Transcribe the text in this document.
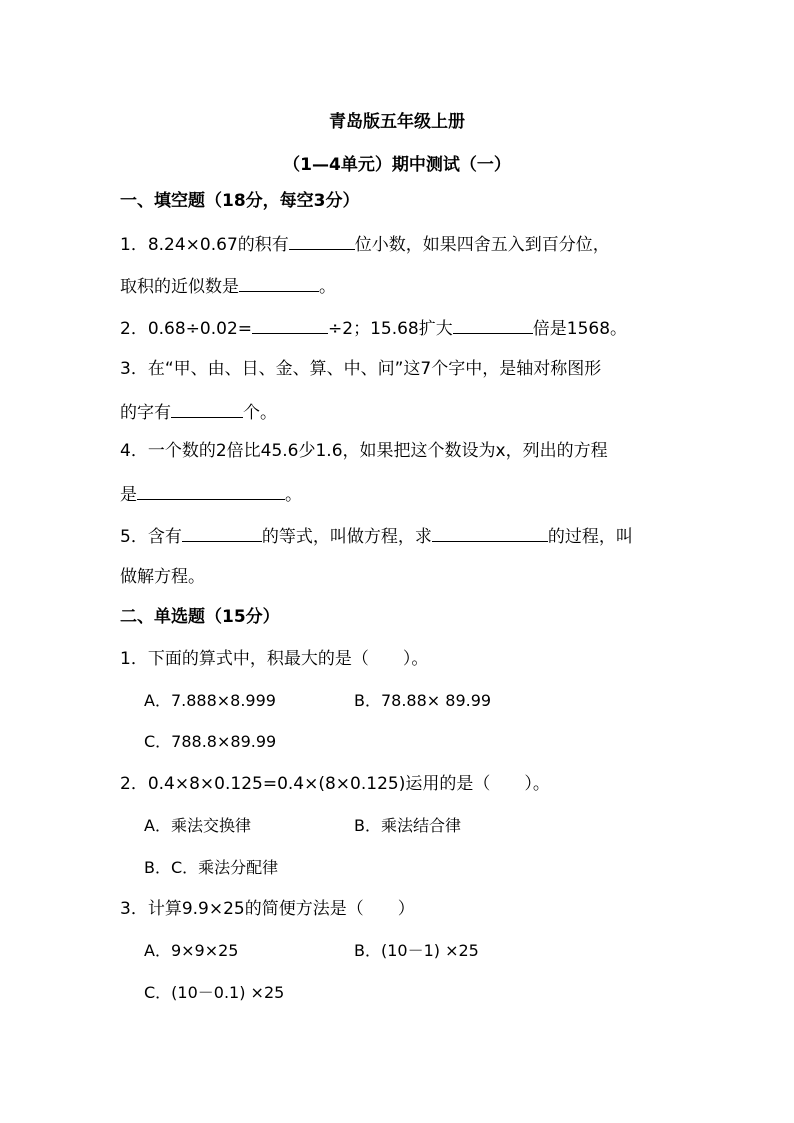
青岛版五年级上册
（1—4单元）期中测试（一）
一、填空题（18分，每空3分）
1．8.24×0.67的积有	位小数，如果四舍五入到百分位，
取积的近似数是	。
2．0.68÷0.02=	÷2；15.68扩大	倍是1568。
3．在“甲、由、日、金、算、中、问”这7个字中，是轴对称图形
的字有	个。
4．一个数的2倍比45.6少1.6，如果把这个数设为x，列出的方程
是	。
5．含有	的等式，叫做方程，求	的过程，叫
做解方程。
二、单选题（15分）
1．下面的算式中，积最大的是（　　）。
A．7.888×8.999	B．78.88× 89.99
C．788.8×89.99
2．0.4×8×0.125=0.4×(8×0.125)运用的是（　　）。
A．乘法交换律	B．乘法结合律
B．C．乘法分配律
3．计算9.9×25的简便方法是（　　）
A．9×9×25	B．(10－1) ×25
C．(10－0.1) ×25
